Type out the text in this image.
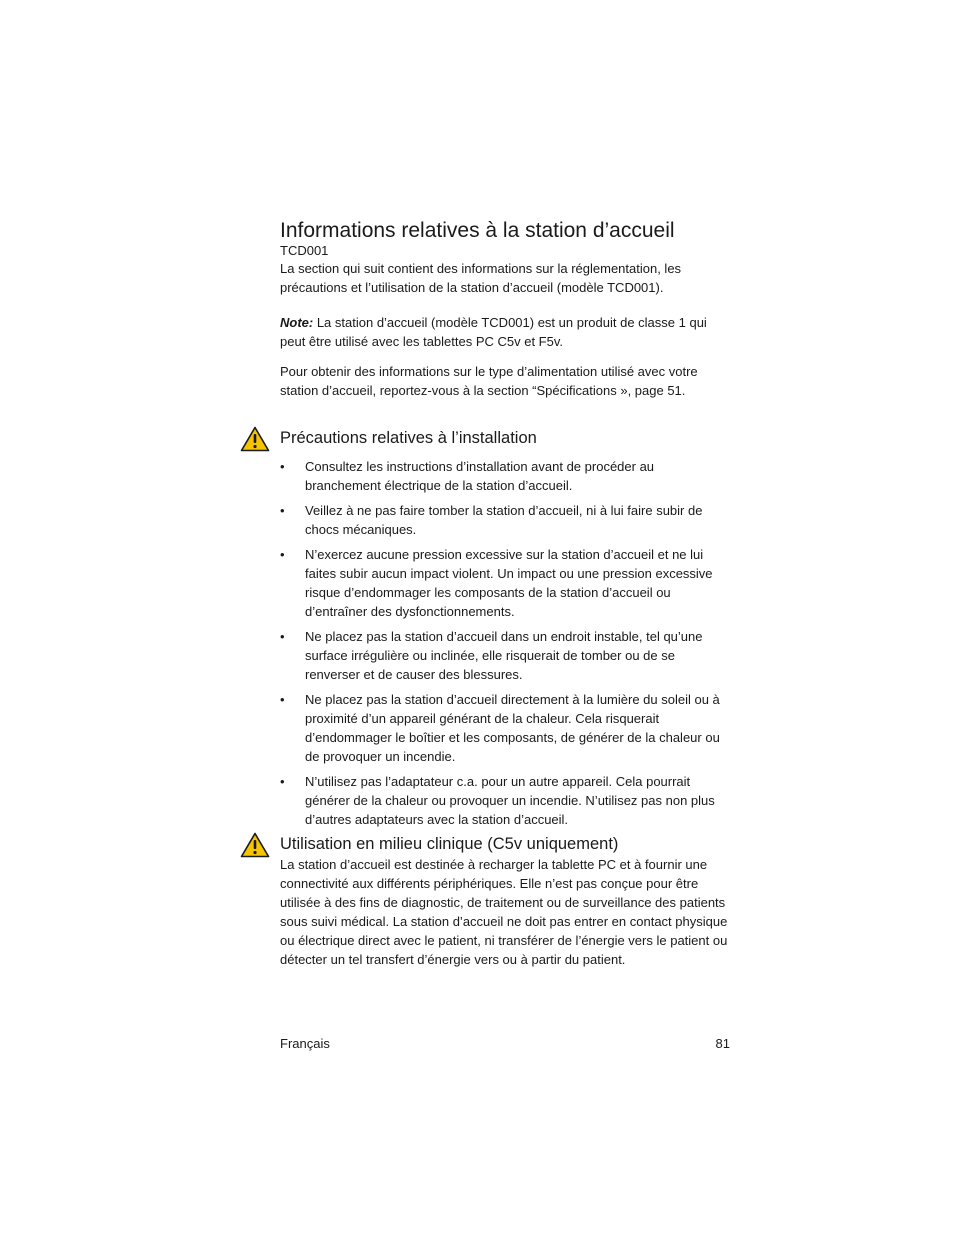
Informations relatives à la station d’accueil

TCD001

La section qui suit contient des informations sur la réglementation, les précautions et l’utilisation de la station d’accueil (modèle TCD001).

Note: La station d’accueil (modèle TCD001) est un produit de classe 1 qui peut être utilisé avec les tablettes PC C5v et F5v.

Pour obtenir des informations sur le type d’alimentation utilisé avec votre station d’accueil, reportez-vous à la section “Spécifications », page 51.

Précautions relatives à l’installation
• Consultez les instructions d’installation avant de procéder au branchement électrique de la station d’accueil.
• Veillez à ne pas faire tomber la station d’accueil, ni à lui faire subir de chocs mécaniques.
• N’exercez aucune pression excessive sur la station d’accueil et ne lui faites subir aucun impact violent. Un impact ou une pression excessive risque d’endommager les composants de la station d’accueil ou d’entraîner des dysfonctionnements.
• Ne placez pas la station d’accueil dans un endroit instable, tel qu’une surface irrégulière ou inclinée, elle risquerait de tomber ou de se renverser et de causer des blessures.
• Ne placez pas la station d’accueil directement à la lumière du soleil ou à proximité d’un appareil générant de la chaleur. Cela risquerait d’endommager le boîtier et les composants, de générer de la chaleur ou de provoquer un incendie.
• N’utilisez pas l’adaptateur c.a. pour un autre appareil. Cela pourrait générer de la chaleur ou provoquer un incendie. N’utilisez pas non plus d’autres adaptateurs avec la station d’accueil.
Utilisation en milieu clinique (C5v uniquement)

La station d’accueil est destinée à recharger la tablette PC et à fournir une connectivité aux différents périphériques. Elle n’est pas conçue pour être utilisée à des fins de diagnostic, de traitement ou de surveillance des patients sous suivi médical. La station d’accueil ne doit pas entrer en contact physique ou électrique direct avec le patient, ni transférer de l’énergie vers le patient ou détecter un tel transfert d’énergie vers ou à partir du patient.

Français	81
